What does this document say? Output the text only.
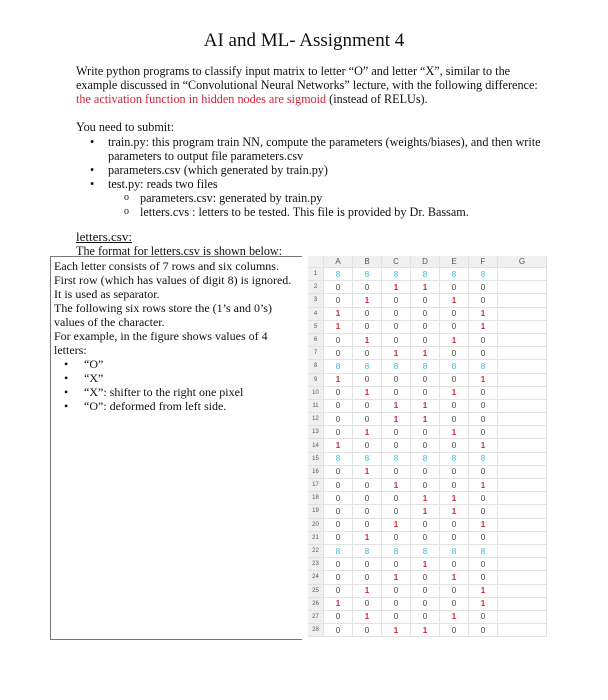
AI and ML- Assignment 4
Write python programs to classify input matrix to letter “O” and letter “X”, similar to the example discussed in “Convolutional Neural Networks” lecture, with the following difference: the activation function in hidden nodes are sigmoid (instead of RELUs).
You need to submit:
• train.py: this program train NN, compute the parameters (weights/biases), and then write parameters to output file parameters.csv
• parameters.csv (which generated by train.py)
• test.py: reads two files
o parameters.csv: generated by train.py
o letters.cvs : letters to be tested. This file is provided by Dr. Bassam.
letters.csv:
The format for letters.csv is shown below:
Each letter consists of 7 rows and six columns.
First row (which has values of digit 8) is ignored. It is used as separator.
The following six rows store the (1’s and 0’s) values of the character.
For example, in the figure shows values of 4 letters:
• “O”
• “X”
• “X”: shifter to the right one pixel
• “O”: deformed from left side.
	A	B	C	D	E	F	G
1	8	8	8	8	8	8	
2	0	0	1	1	0	0	
3	0	1	0	0	1	0	
4	1	0	0	0	0	1	
5	1	0	0	0	0	1	
6	0	1	0	0	1	0	
7	0	0	1	1	0	0	
8	8	8	8	8	8	8	
9	1	0	0	0	0	1	
10	0	1	0	0	1	0	
11	0	0	1	1	0	0	
12	0	0	1	1	0	0	
13	0	1	0	0	1	0	
14	1	0	0	0	0	1	
15	8	8	8	8	8	8	
16	0	1	0	0	0	0	
17	0	0	1	0	0	1	
18	0	0	0	1	1	0	
19	0	0	0	1	1	0	
20	0	0	1	0	0	1	
21	0	1	0	0	0	0	
22	8	8	8	8	8	8	
23	0	0	0	1	0	0	
24	0	0	1	0	1	0	
25	0	1	0	0	0	1	
26	1	0	0	0	0	1	
27	0	1	0	0	1	0	
28	0	0	1	1	0	0	
